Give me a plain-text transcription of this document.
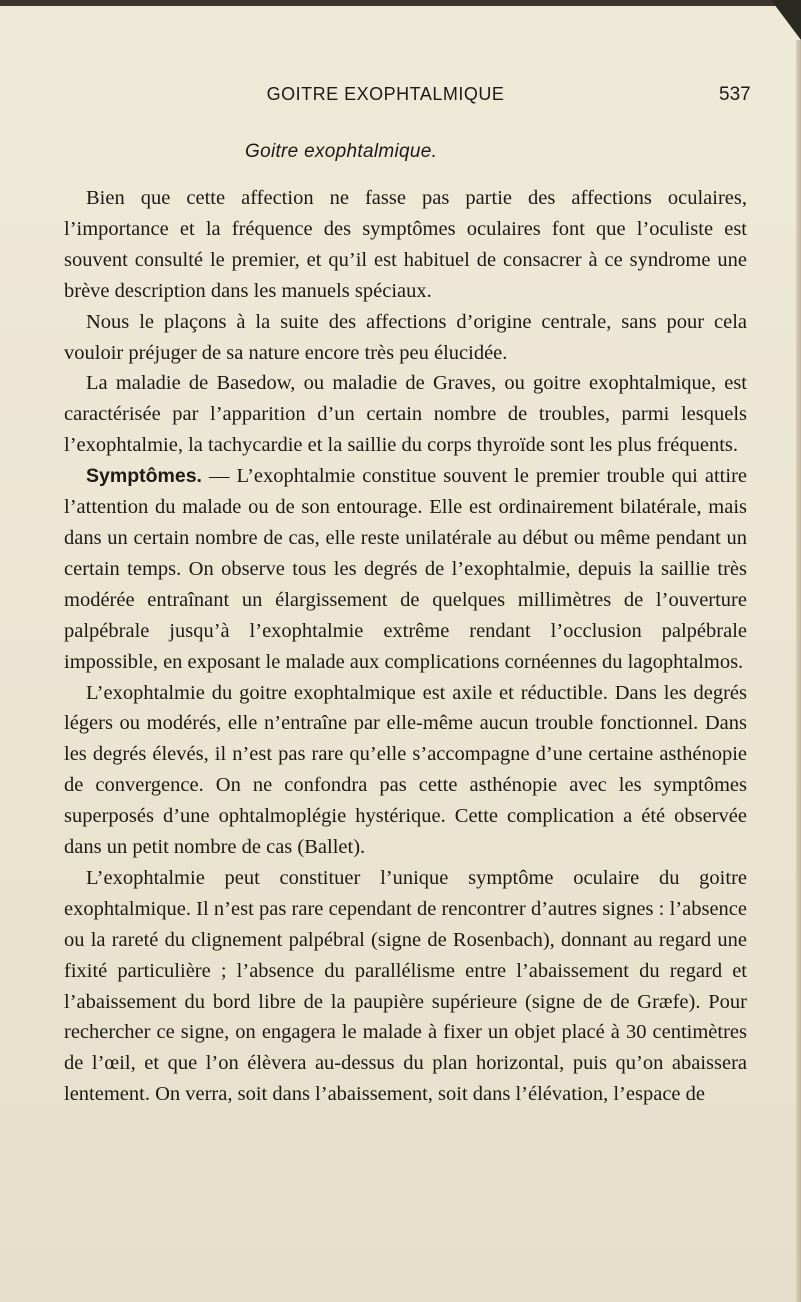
GOITRE EXOPHTALMIQUE	537
Goitre exophtalmique.

Bien que cette affection ne fasse pas partie des affections oculaires, l’importance et la fréquence des symptômes oculaires font que l’oculiste est souvent consulté le premier, et qu’il est habituel de consacrer à ce syndrome une brève description dans les manuels spéciaux.

Nous le plaçons à la suite des affections d’origine centrale, sans pour cela vouloir préjuger de sa nature encore très peu élucidée.

La maladie de Basedow, ou maladie de Graves, ou goitre exophtalmique, est caractérisée par l’apparition d’un certain nombre de troubles, parmi lesquels l’exophtalmie, la tachycardie et la saillie du corps thyroïde sont les plus fréquents.

Symptômes. — L’exophtalmie constitue souvent le premier trouble qui attire l’attention du malade ou de son entourage. Elle est ordinairement bilatérale, mais dans un certain nombre de cas, elle reste unilatérale au début ou même pendant un certain temps. On observe tous les degrés de l’exophtalmie, depuis la saillie très modérée entraînant un élargissement de quelques millimètres de l’ouverture palpébrale jusqu’à l’exophtalmie extrême rendant l’occlusion palpébrale impossible, en exposant le malade aux complications cornéennes du lagophtalmos.

L’exophtalmie du goitre exophtalmique est axile et réductible. Dans les degrés légers ou modérés, elle n’entraîne par elle-même aucun trouble fonctionnel. Dans les degrés élevés, il n’est pas rare qu’elle s’accompagne d’une certaine asthénopie de convergence. On ne confondra pas cette asthénopie avec les symptômes superposés d’une ophtalmoplégie hystérique. Cette complication a été observée dans un petit nombre de cas (Ballet).

L’exophtalmie peut constituer l’unique symptôme oculaire du goitre exophtalmique. Il n’est pas rare cependant de rencontrer d’autres signes : l’absence ou la rareté du clignement palpébral (signe de Rosenbach), donnant au regard une fixité particulière ; l’absence du parallélisme entre l’abaissement du regard et l’abaissement du bord libre de la paupière supérieure (signe de de Græfe). Pour rechercher ce signe, on engagera le malade à fixer un objet placé à 30 centimètres de l’œil, et que l’on élèvera au-dessus du plan horizontal, puis qu’on abaissera lentement. On verra, soit dans l’abaissement, soit dans l’élévation, l’espace de
